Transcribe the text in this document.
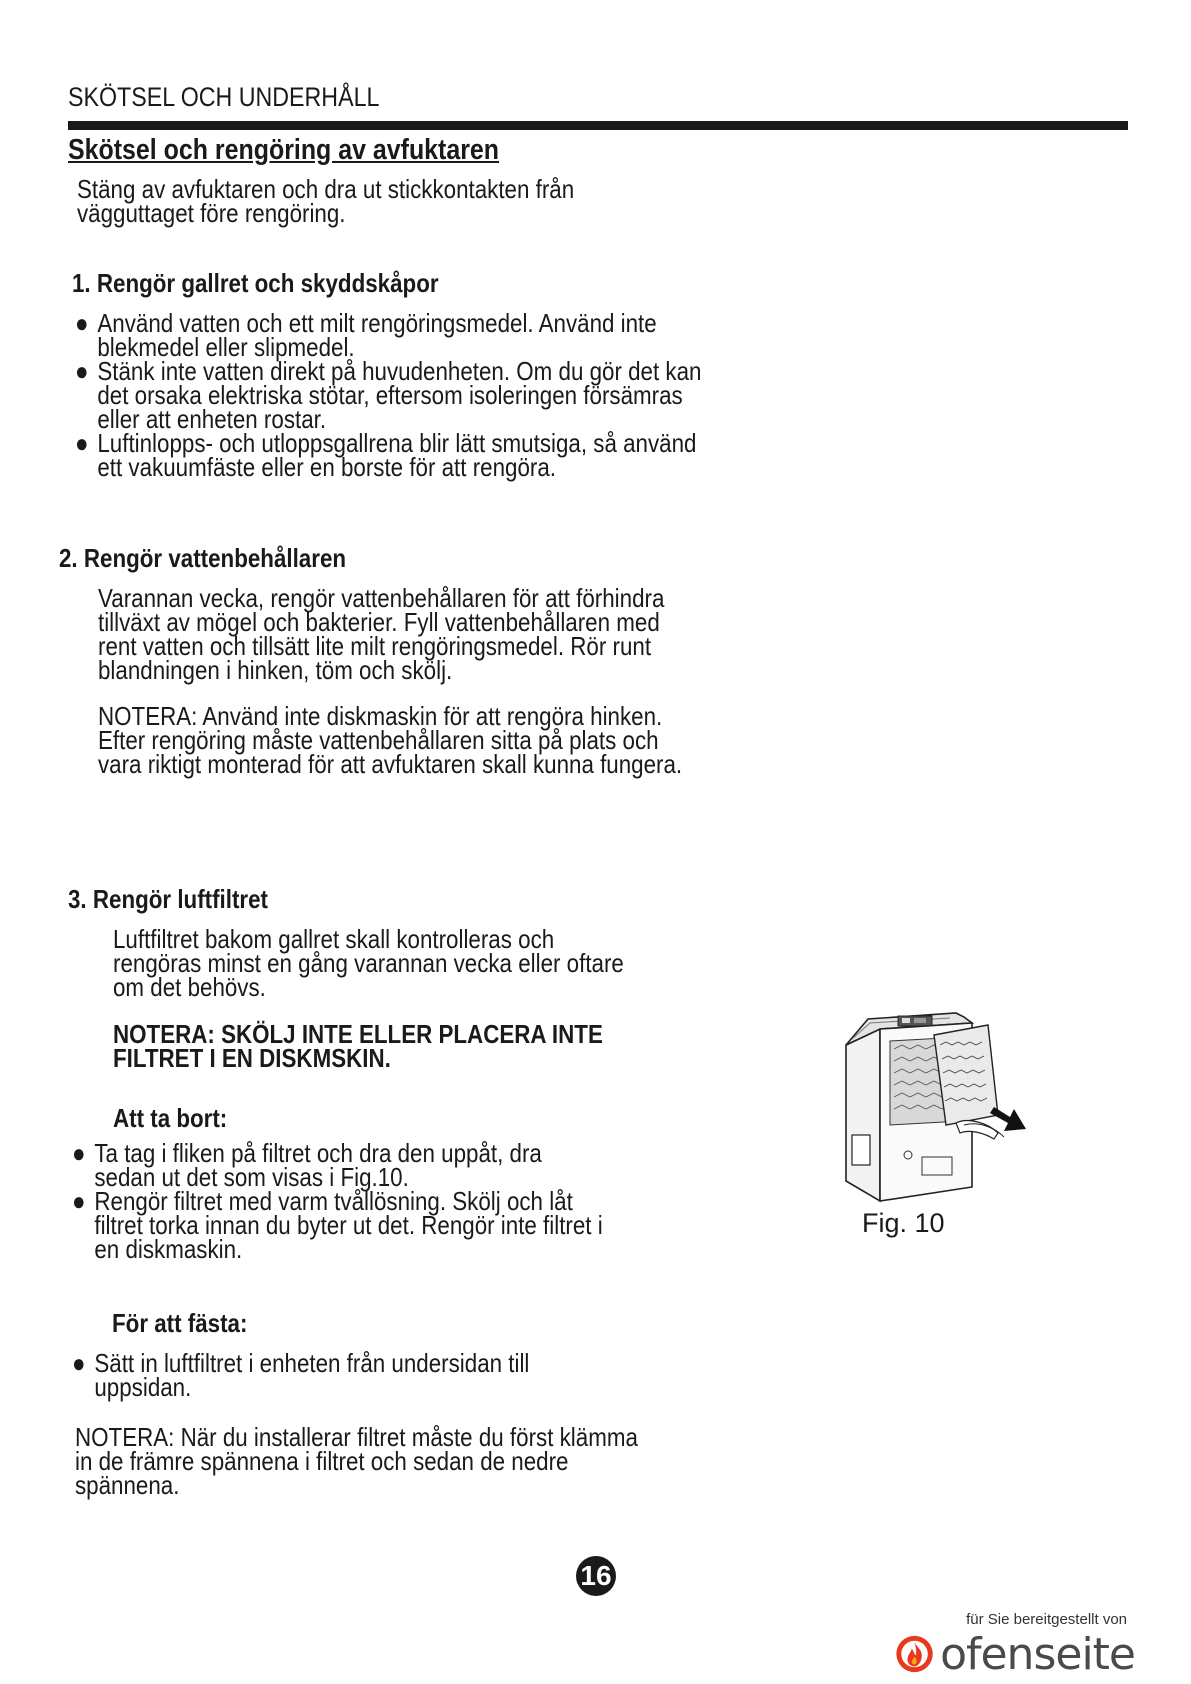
SKÖTSEL OCH UNDERHÅLL
Skötsel och rengöring av avfuktaren
Stäng av avfuktaren och dra ut stickkontakten från
vägguttaget före rengöring.
1. Rengör gallret och skyddskåpor
● Använd vatten och ett milt rengöringsmedel. Använd inte
blekmedel eller slipmedel.
● Stänk inte vatten direkt på huvudenheten. Om du gör det kan
det orsaka elektriska stötar, eftersom isoleringen försämras
eller att enheten rostar.
● Luftinlopps- och utloppsgallrena blir lätt smutsiga, så använd
ett vakuumfäste eller en borste för att rengöra.
2. Rengör vattenbehållaren
Varannan vecka, rengör vattenbehållaren för att förhindra
tillväxt av mögel och bakterier. Fyll vattenbehållaren med
rent vatten och tillsätt lite milt rengöringsmedel. Rör runt
blandningen i hinken, töm och skölj.
NOTERA: Använd inte diskmaskin för att rengöra hinken.
Efter rengöring måste vattenbehållaren sitta på plats och
vara riktigt monterad för att avfuktaren skall kunna fungera.
3. Rengör luftfiltret
Luftfiltret bakom gallret skall kontrolleras och
rengöras minst en gång varannan vecka eller oftare
om det behövs.
NOTERA: SKÖLJ INTE ELLER PLACERA INTE
FILTRET I EN DISKMSKIN.
Att ta bort:
● Ta tag i fliken på filtret och dra den uppåt, dra
sedan ut det som visas i Fig.10.
● Rengör filtret med varm tvållösning. Skölj och låt
filtret torka innan du byter ut det. Rengör inte filtret i
en diskmaskin.
För att fästa:
● Sätt in luftfiltret i enheten från undersidan till
uppsidan.
NOTERA: När du installerar filtret måste du först klämma
in de främre spännena i filtret och sedan de nedre
spännena.
Fig. 10
16
für Sie bereitgestellt von
ofenseite
